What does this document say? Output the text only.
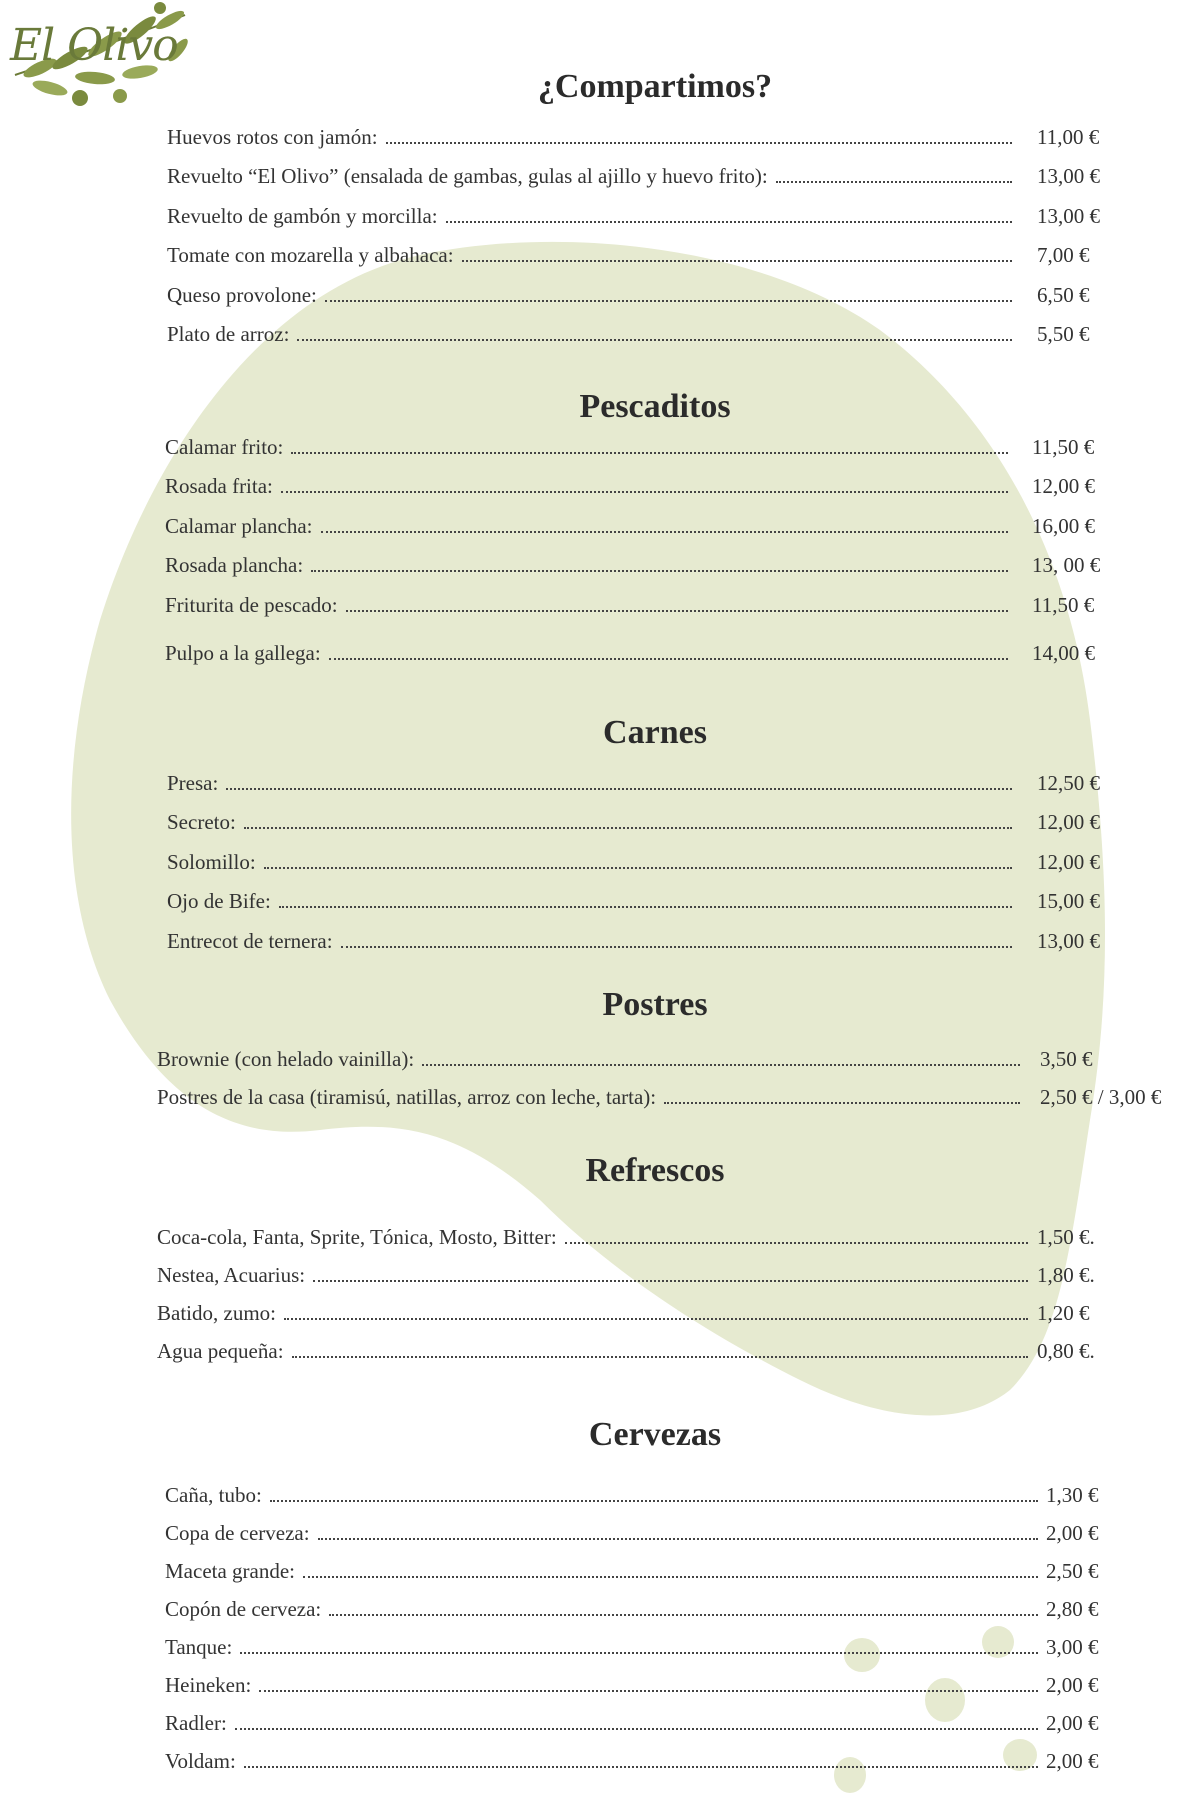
El Olivo
¿Compartimos?
Huevos rotos con jamón:	11,00 €
Revuelto “El Olivo” (ensalada de gambas, gulas al ajillo y huevo frito):	13,00 €
Revuelto de gambón y morcilla:	13,00 €
Tomate con mozarella y albahaca:	7,00 €
Queso provolone:	6,50 €
Plato de arroz:	5,50 €
Pescaditos
Calamar frito:	11,50 €
Rosada frita:	12,00 €
Calamar plancha:	16,00 €
Rosada plancha:	13, 00 €
Friturita de pescado:	11,50 €
Pulpo a la gallega:	14,00 €
Carnes
Presa:	12,50 €
Secreto:	12,00 €
Solomillo:	12,00 €
Ojo de Bife:	15,00 €
Entrecot de ternera:	13,00 €
Postres
Brownie (con helado vainilla):	3,50 €
Postres de la casa (tiramisú, natillas, arroz con leche, tarta):	2,50 € / 3,00 €
Refrescos
Coca-cola, Fanta, Sprite, Tónica, Mosto, Bitter:	1,50 €.
Nestea, Acuarius:	1,80 €.
Batido, zumo:	1,20 €
Agua pequeña:	0,80 €.
Cervezas
Caña, tubo:	1,30 €
Copa de cerveza:	2,00 €
Maceta grande:	2,50 €
Copón de cerveza:	2,80 €
Tanque:	3,00 €
Heineken:	2,00 €
Radler:	2,00 €
Voldam:	2,00 €
